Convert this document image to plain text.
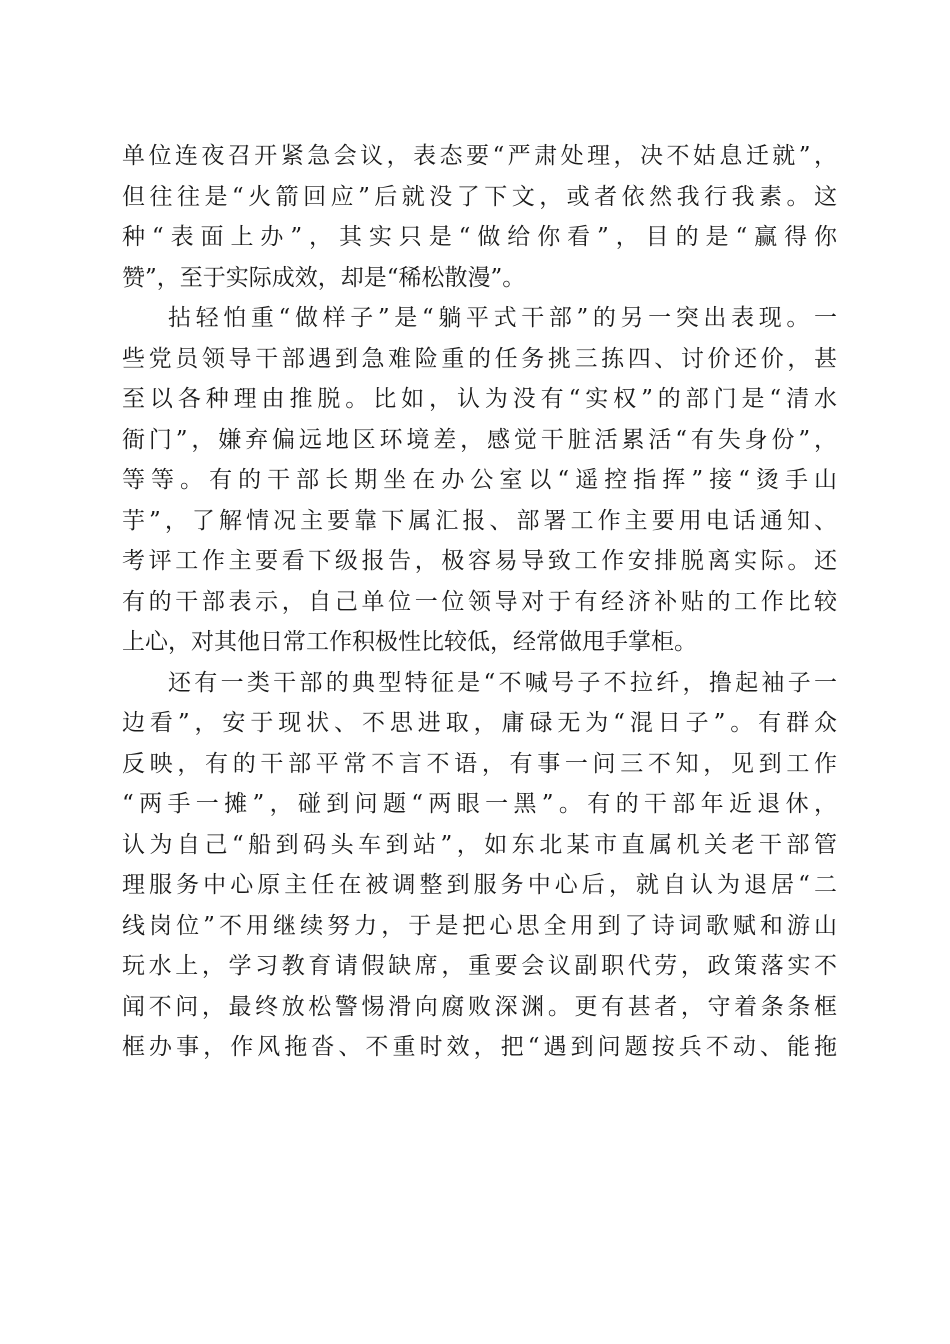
单位连夜召开紧急会议，表态要“严肃处理，决不姑息迁就”，
但往往是“火箭回应”后就没了下文，或者依然我行我素。这
种“表面上办”，其实只是“做给你看”，目的是“赢得你
赞”，至于实际成效，却是“稀松散漫”。
拈轻怕重“做样子”是“躺平式干部”的另一突出表现。一
些党员领导干部遇到急难险重的任务挑三拣四、讨价还价，甚
至以各种理由推脱。比如，认为没有“实权”的部门是“清水
衙门”，嫌弃偏远地区环境差，感觉干脏活累活“有失身份”，
等等。有的干部长期坐在办公室以“遥控指挥”接“烫手山
芋”，了解情况主要靠下属汇报、部署工作主要用电话通知、
考评工作主要看下级报告，极容易导致工作安排脱离实际。还
有的干部表示，自己单位一位领导对于有经济补贴的工作比较
上心，对其他日常工作积极性比较低，经常做甩手掌柜。
还有一类干部的典型特征是“不喊号子不拉纤，撸起袖子一
边看”，安于现状、不思进取，庸碌无为“混日子”。有群众
反映，有的干部平常不言不语，有事一问三不知，见到工作
“两手一摊”，碰到问题“两眼一黑”。有的干部年近退休，
认为自己“船到码头车到站”，如东北某市直属机关老干部管
理服务中心原主任在被调整到服务中心后，就自认为退居“二
线岗位”不用继续努力，于是把心思全用到了诗词歌赋和游山
玩水上，学习教育请假缺席，重要会议副职代劳，政策落实不
闻不问，最终放松警惕滑向腐败深渊。更有甚者，守着条条框
框办事，作风拖沓、不重时效，把“遇到问题按兵不动、能拖
